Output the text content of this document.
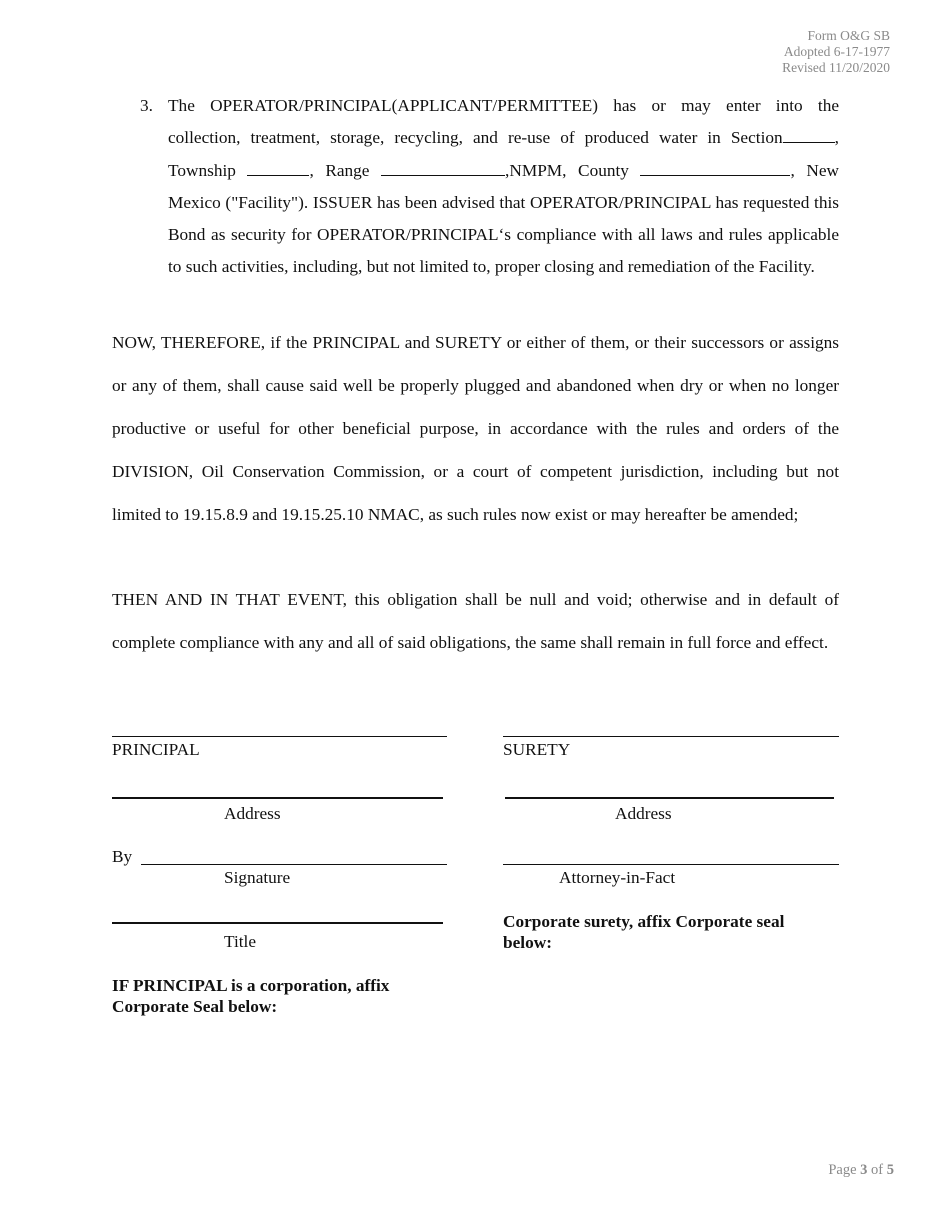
Form O&G SB
Adopted 6-17-1977
Revised 11/20/2020
3. The OPERATOR/PRINCIPAL(APPLICANT/PERMITTEE) has or may enter into the collection, treatment, storage, recycling, and re-use of produced water in Section	, Township	, Range	,NMPM, County	, New Mexico ("Facility"). ISSUER has been advised that OPERATOR/PRINCIPAL has requested this Bond as security for OPERATOR/PRINCIPAL‘s compliance with all laws and rules applicable to such activities, including, but not limited to, proper closing and remediation of the Facility.
NOW, THEREFORE, if the PRINCIPAL and SURETY or either of them, or their successors or assigns or any of them, shall cause said well be properly plugged and abandoned when dry or when no longer productive or useful for other beneficial purpose, in accordance with the rules and orders of the DIVISION, Oil Conservation Commission, or a court of competent jurisdiction, including but not limited to 19.15.8.9 and 19.15.25.10 NMAC, as such rules now exist or may hereafter be amended;
THEN AND IN THAT EVENT, this obligation shall be null and void; otherwise and in default of complete compliance with any and all of said obligations, the same shall remain in full force and effect.
PRINCIPAL
Address
By
Signature
Title
IF PRINCIPAL is a corporation, affix Corporate Seal below:
SURETY
Address
Attorney-in-Fact
Corporate surety, affix Corporate seal below:
Page 3 of 5
